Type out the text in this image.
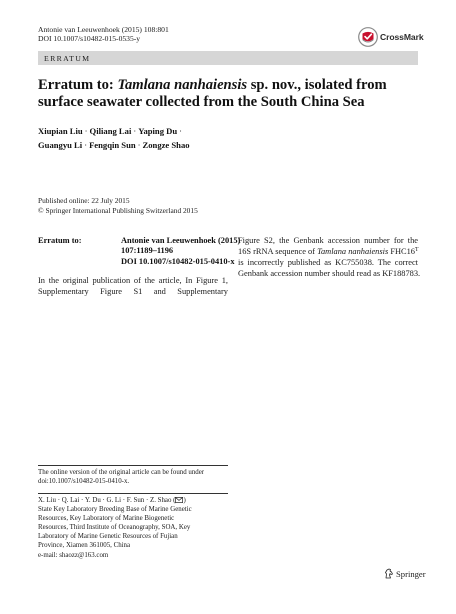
Antonie van Leeuwenhoek (2015) 108:801
DOI 10.1007/s10482-015-0535-y	CrossMark
ERRATUM
Erratum to: Tamlana nanhaiensis sp. nov., isolated from surface seawater collected from the South China Sea
Xiupian Liu · Qiliang Lai · Yaping Du ·
Guangyu Li · Fengqin Sun · Zongze Shao
Published online: 22 July 2015
© Springer International Publishing Switzerland 2015
Erratum to:	Antonie van Leeuwenhoek (2015)
107:1189–1196
DOI 10.1007/s10482-015-0410-x

In the original publication of the article, In Figure 1, Supplementary Figure S1 and Supplementary

Figure S2, the Genbank accession number for the
16S rRNA sequence of Tamlana nanhaiensis $FHC16^T$
is incorrectly published as KC755038. The correct
Genbank accession number should read as KF188783.
The online version of the original article can be found under
doi:10.1007/s10482-015-0410-x.
X. Liu · Q. Lai · Y. Du · G. Li · F. Sun · Z. Shao ( )
State Key Laboratory Breeding Base of Marine Genetic
Resources, Key Laboratory of Marine Biogenetic
Resources, Third Institute of Oceanography, SOA, Key
Laboratory of Marine Genetic Resources of Fujian
Province, Xiamen 361005, China
e-mail: shaozz@163.com
Springer
